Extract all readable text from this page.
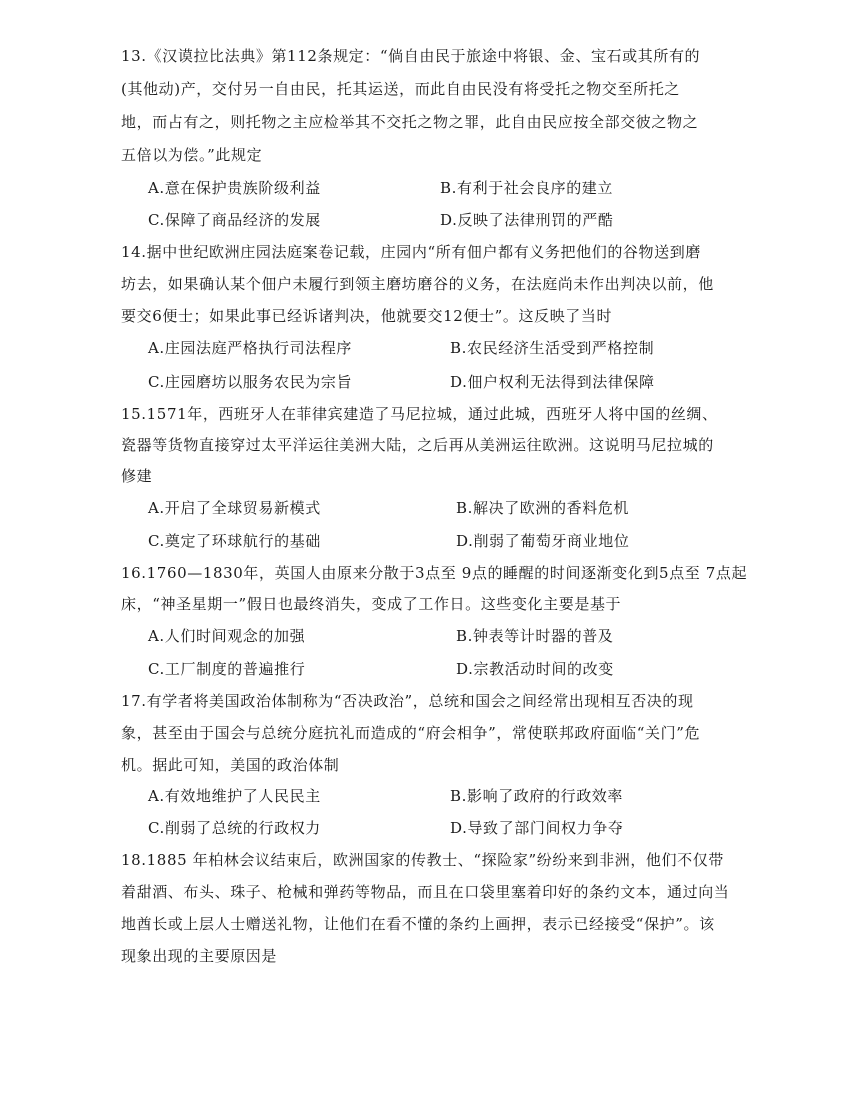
13.《汉谟拉比法典》第112条规定：“倘自由民于旅途中将银、金、宝石或其所有的
(其他动)产，交付另一自由民，托其运送，而此自由民没有将受托之物交至所托之
地，而占有之，则托物之主应检举其不交托之物之罪，此自由民应按全部交彼之物之
五倍以为偿。”此规定
A.意在保护贵族阶级利益	B.有利于社会良序的建立
C.保障了商品经济的发展	D.反映了法律刑罚的严酷
14.据中世纪欧洲庄园法庭案卷记载，庄园内“所有佃户都有义务把他们的谷物送到磨
坊去，如果确认某个佃户未履行到领主磨坊磨谷的义务，在法庭尚未作出判决以前，他
要交6便士；如果此事已经诉诸判决，他就要交12便士”。这反映了当时
A.庄园法庭严格执行司法程序	B.农民经济生活受到严格控制
C.庄园磨坊以服务农民为宗旨	D.佃户权利无法得到法律保障
15.1571年，西班牙人在菲律宾建造了马尼拉城，通过此城，西班牙人将中国的丝绸、
瓷器等货物直接穿过太平洋运往美洲大陆，之后再从美洲运往欧洲。这说明马尼拉城的
修建
A.开启了全球贸易新模式	B.解决了欧洲的香料危机
C.奠定了环球航行的基础	D.削弱了葡萄牙商业地位
16.1760—1830年，英国人由原来分散于3点至 9点的睡醒的时间逐渐变化到5点至 7点起
床，“神圣星期一”假日也最终消失，变成了工作日。这些变化主要是基于
A.人们时间观念的加强	B.钟表等计时器的普及
C.工厂制度的普遍推行	D.宗教活动时间的改变
17.有学者将美国政治体制称为“否决政治”，总统和国会之间经常出现相互否决的现
象，甚至由于国会与总统分庭抗礼而造成的“府会相争”，常使联邦政府面临“关门”危
机。据此可知，美国的政治体制
A.有效地维护了人民民主	B.影响了政府的行政效率
C.削弱了总统的行政权力	D.导致了部门间权力争夺
18.1885 年柏林会议结束后，欧洲国家的传教士、“探险家”纷纷来到非洲，他们不仅带
着甜酒、布头、珠子、枪械和弹药等物品，而且在口袋里塞着印好的条约文本，通过向当
地酋长或上层人士赠送礼物，让他们在看不懂的条约上画押，表示已经接受“保护”。该
现象出现的主要原因是
